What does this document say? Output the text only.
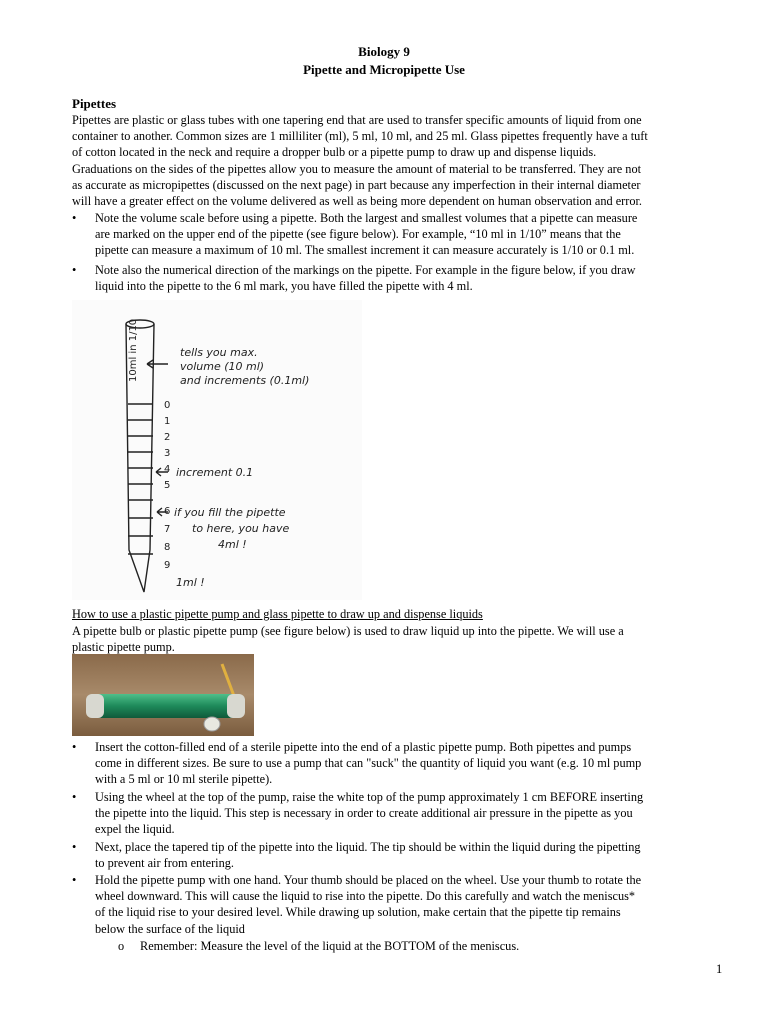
Biology 9
Pipette and Micropipette Use
Pipettes
Pipettes are plastic or glass tubes with one tapering end that are used to transfer specific amounts of liquid from one
container to another. Common sizes are 1 milliliter (ml), 5 ml, 10 ml, and 25 ml. Glass pipettes frequently have a tuft
of cotton located in the neck and require a dropper bulb or a pipette pump to draw up and dispense liquids.
Graduations on the sides of the pipettes allow you to measure the amount of material to be transferred. They are not
as accurate as micropipettes (discussed on the next page) in part because any imperfection in their internal diameter
will have a greater effect on the volume delivered as well as being more dependent on human observation and error.
•	Note the volume scale before using a pipette. Both the largest and smallest volumes that a pipette can measure
are marked on the upper end of the pipette (see figure below). For example, “10 ml in 1/10” means that the
pipette can measure a maximum of 10 ml. The smallest increment it can measure accurately is 1/10 or 0.1 ml.
•	Note also the numerical direction of the markings on the pipette. For example in the figure below, if you draw
liquid into the pipette to the 6 ml mark, you have filled the pipette with 4 ml.
10ml in 1/10
0
1
2
3
4
5
6
7
8
9
tells you max.
volume (10 ml)
and increments (0.1ml)
increment 0.1
if you fill the pipette
to here, you have
4ml !
1ml !
How to use a plastic pipette pump and glass pipette to draw up and dispense liquids
A pipette bulb or plastic pipette pump (see figure below) is used to draw liquid up into the pipette. We will use a
plastic pipette pump.
•	Insert the cotton-filled end of a sterile pipette into the end of a plastic pipette pump. Both pipettes and pumps
come in different sizes. Be sure to use a pump that can "suck" the quantity of liquid you want (e.g. 10 ml pump
with a 5 ml or 10 ml sterile pipette).
•	Using the wheel at the top of the pump, raise the white top of the pump approximately 1 cm BEFORE inserting
the pipette into the liquid. This step is necessary in order to create additional air pressure in the pipette as you
expel the liquid.
•	Next, place the tapered tip of the pipette into the liquid. The tip should be within the liquid during the pipetting
to prevent air from entering.
•	Hold the pipette pump with one hand. Your thumb should be placed on the wheel. Use your thumb to rotate the
wheel downward. This will cause the liquid to rise into the pipette. Do this carefully and watch the meniscus*
of the liquid rise to your desired level. While drawing up solution, make certain that the pipette tip remains
below the surface of the liquid
o Remember: Measure the level of the liquid at the BOTTOM of the meniscus.
1
